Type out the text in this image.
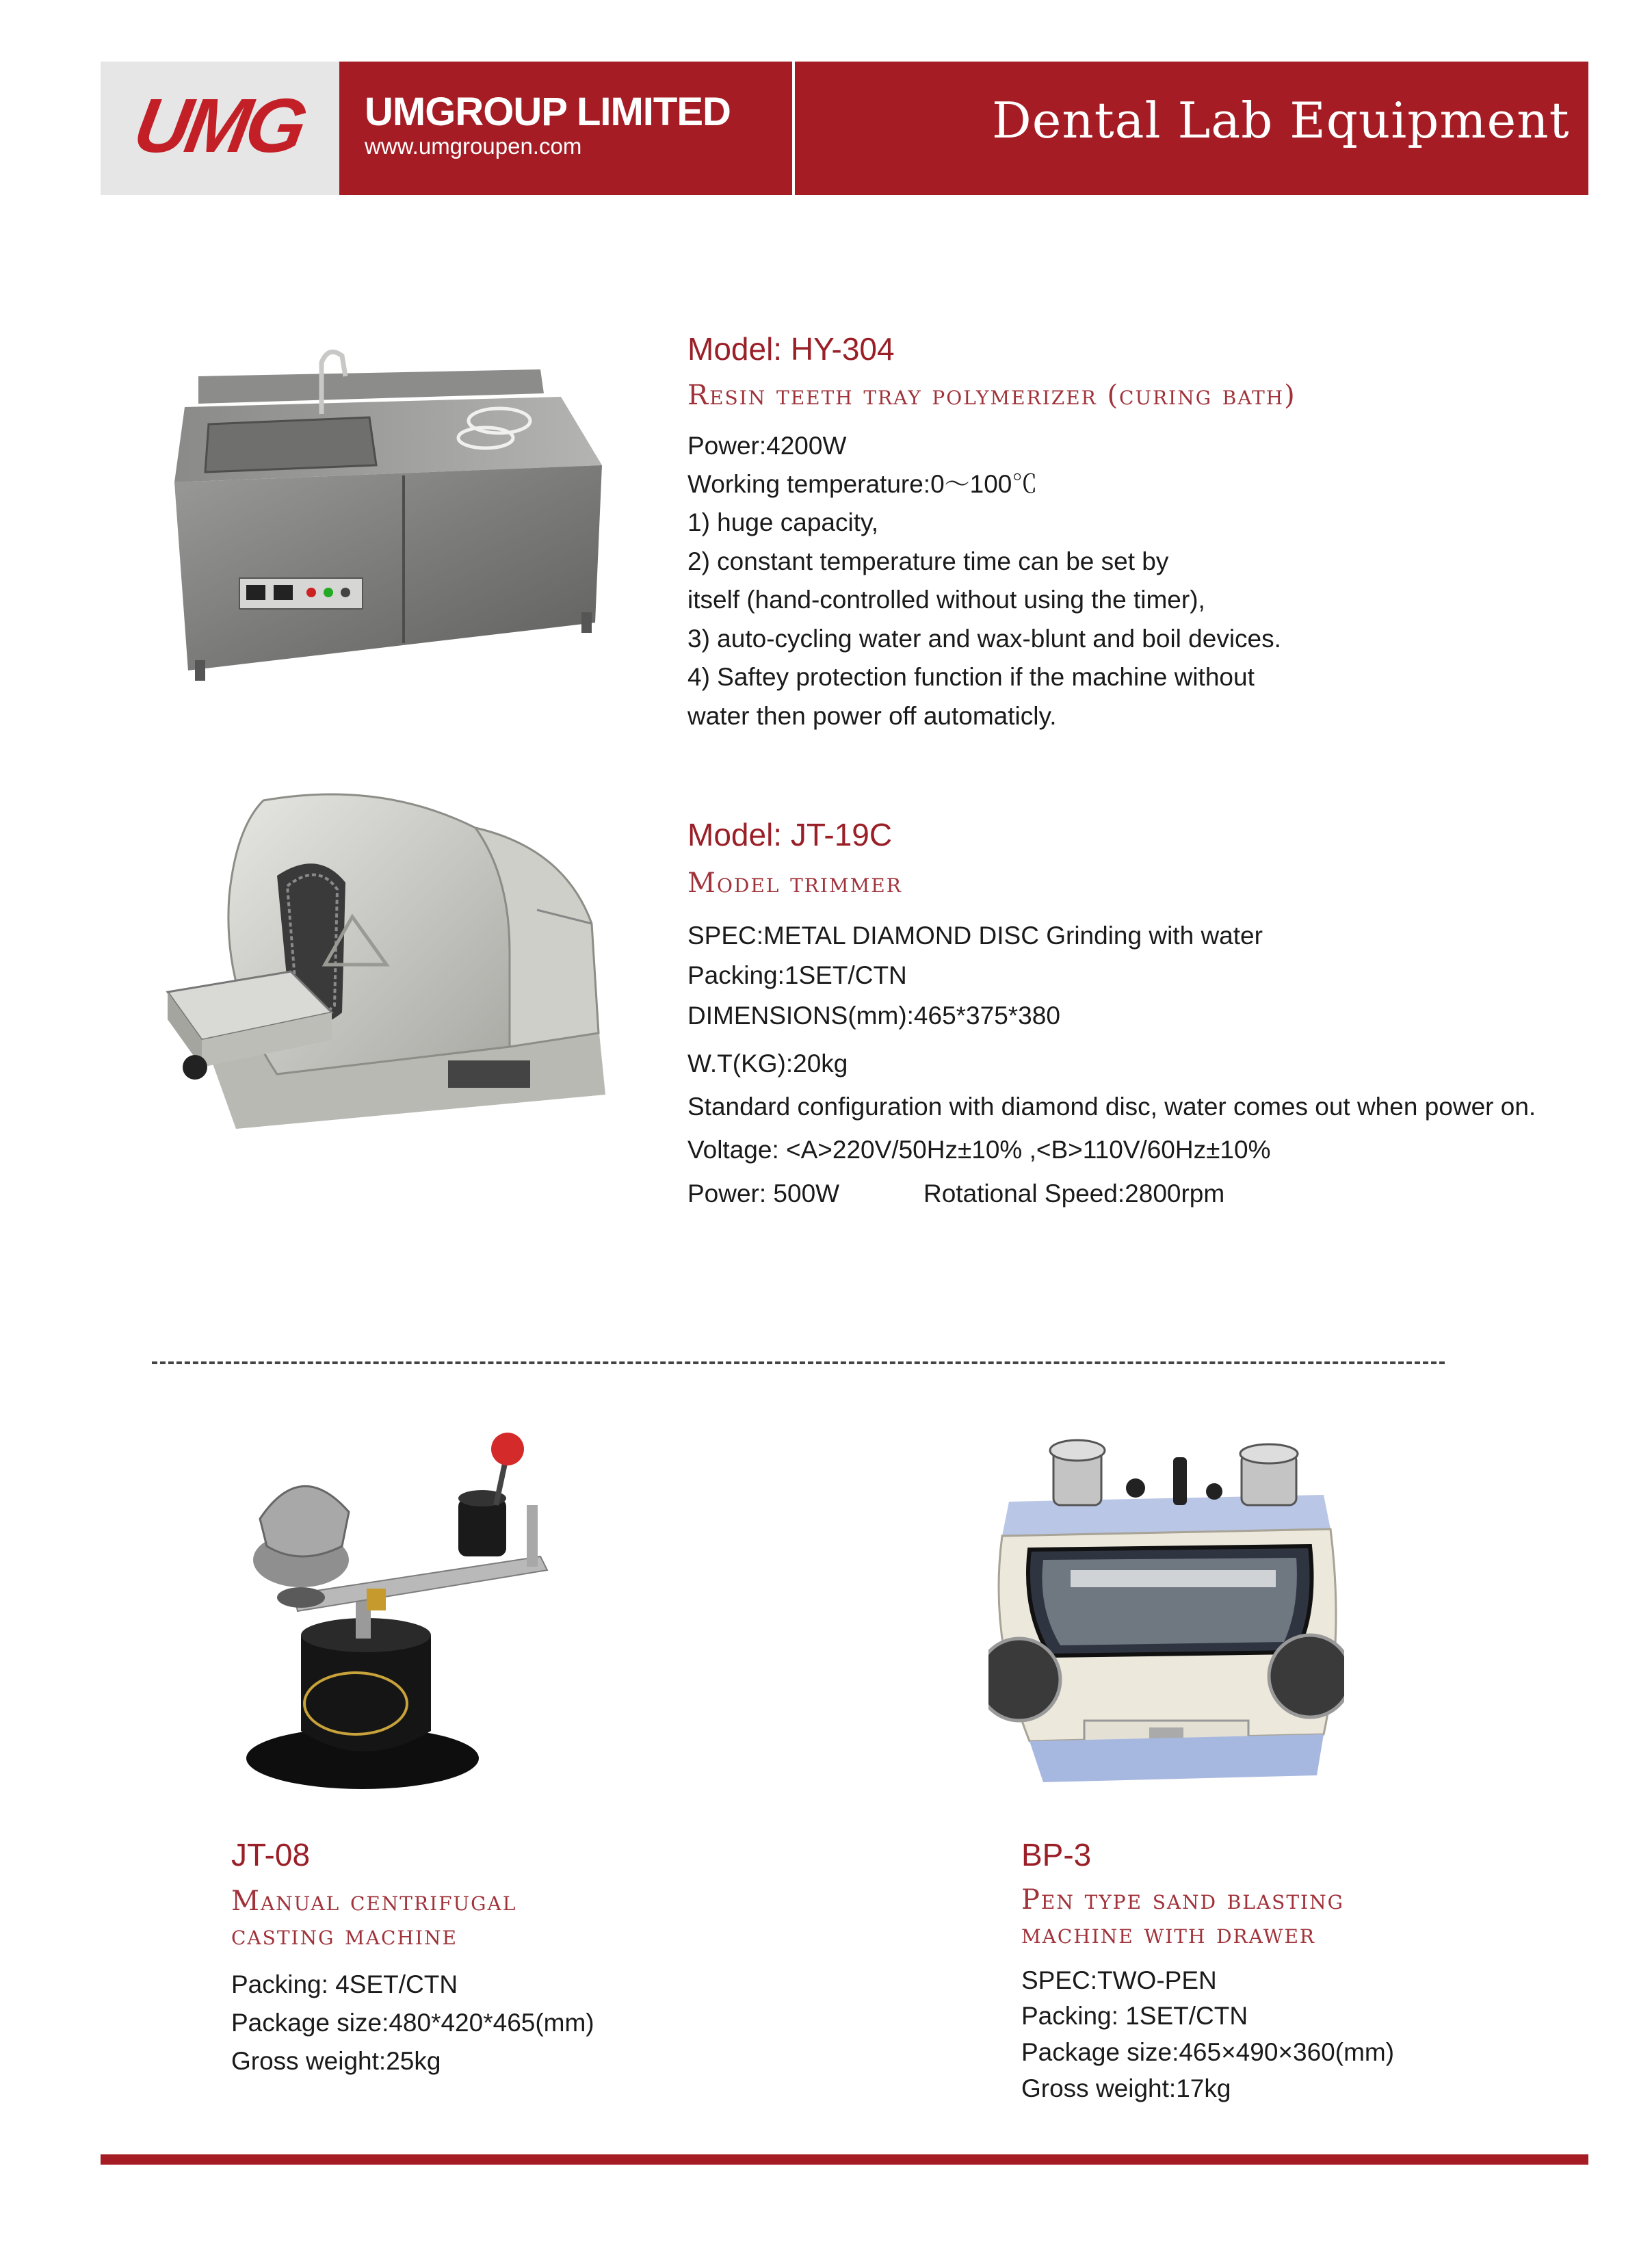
UMG UMGROUP LIMITED
www.umgroupen.com	Dental Lab Equipment
Model: HY-304
Resin teeth tray polymerizer (curing bath)
Power:4200W
Working temperature:0～100℃
1) huge capacity,
2) constant temperature time can be set by
itself (hand-controlled without using the timer),
3) auto-cycling water and wax-blunt and boil devices.
4) Saftey protection function if the machine without
water then power off automaticly.
Model: JT-19C
Model trimmer
SPEC:METAL DIAMOND DISC Grinding with water
Packing:1SET/CTN
DIMENSIONS(mm):465*375*380
W.T(KG):20kg
Standard configuration with diamond disc, water comes out when power on.
Voltage: <A>220V/50Hz±10% ,<B>110V/60Hz±10%
Power: 500W	Rotational Speed:2800rpm
JT-08
Manual centrifugal
casting machine
Packing: 4SET/CTN
Package size:480*420*465(mm)
Gross weight:25kg
BP-3
Pen type sand blasting
machine with drawer
SPEC:TWO-PEN
Packing: 1SET/CTN
Package size:465×490×360(mm)
Gross weight:17kg
